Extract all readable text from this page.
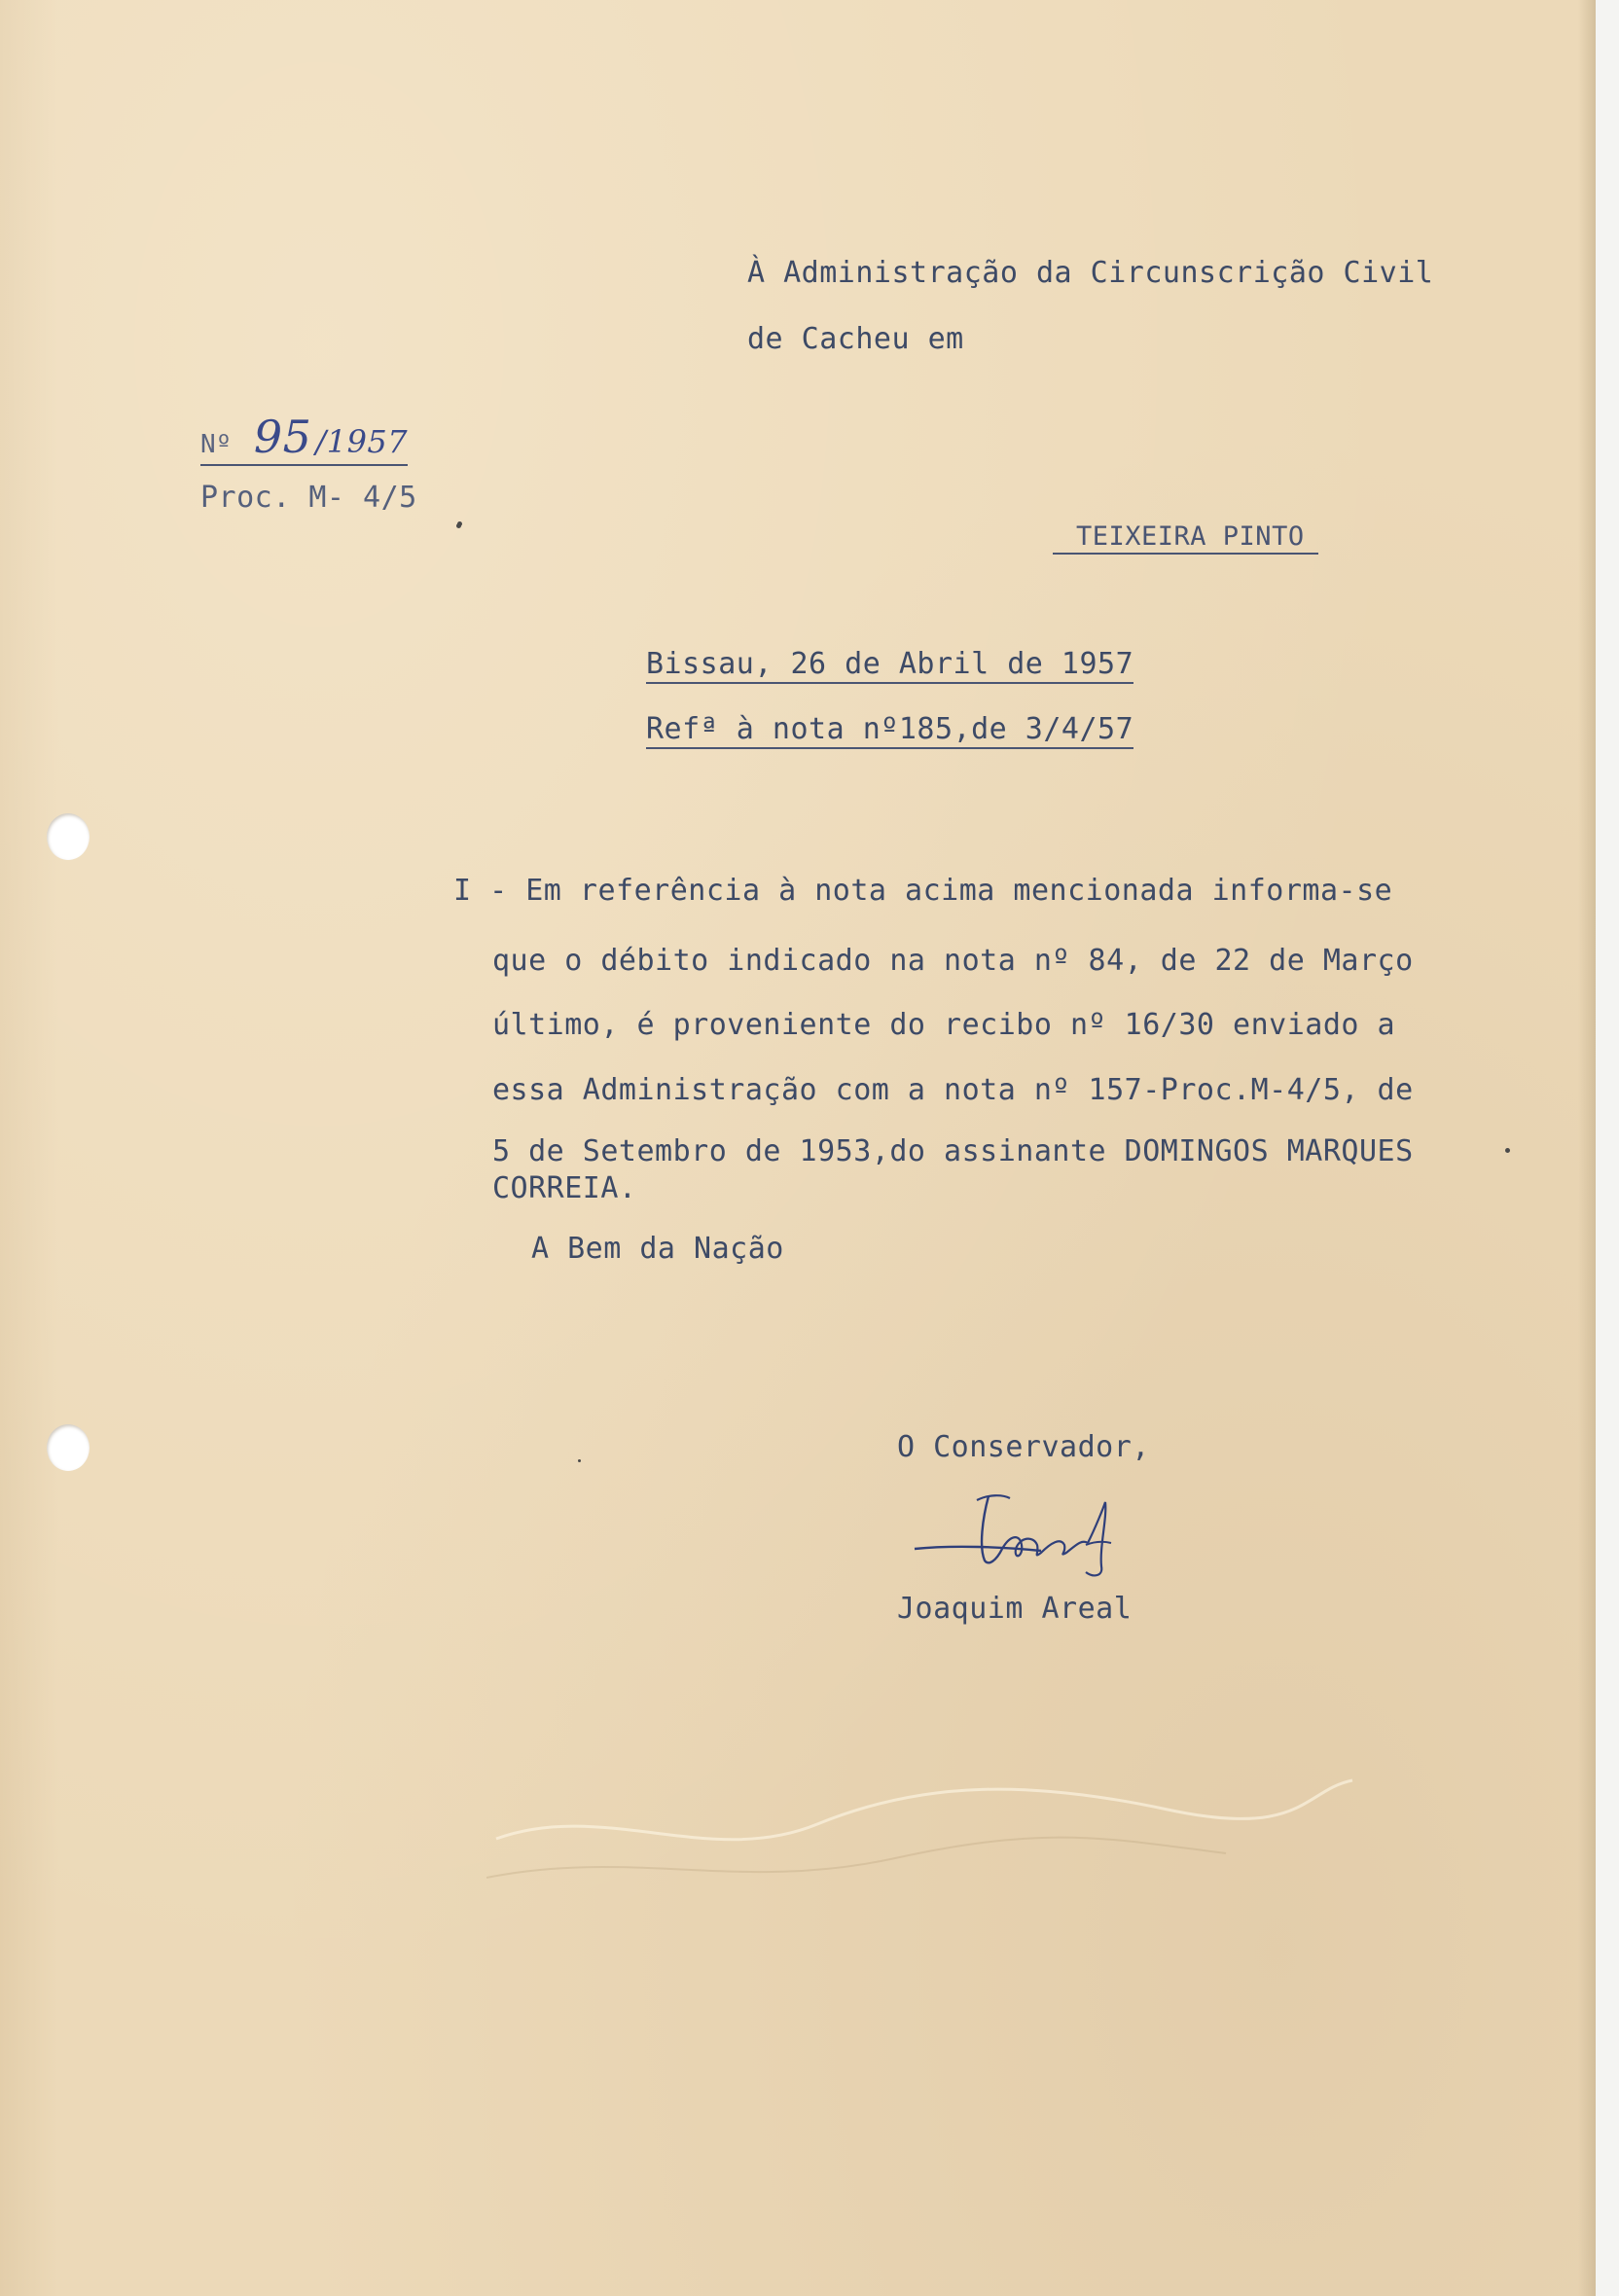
À Administração da Circunscrição Civil
de Cacheu em
Nº 95 /1957
Proc. M- 4/5
TEIXEIRA PINTO
Bissau, 26 de Abril de 1957
Refª à nota nº185,de 3/4/57
I - Em referência à nota acima mencionada informa-se
que o débito indicado na nota nº 84, de 22 de Março
último, é proveniente do recibo nº 16/30 enviado a
essa Administração com a nota nº 157-Proc.M-4/5, de
5 de Setembro de 1953,do assinante DOMINGOS MARQUES
CORREIA.
A Bem da Nação
O Conservador,
Joaquim Areal
